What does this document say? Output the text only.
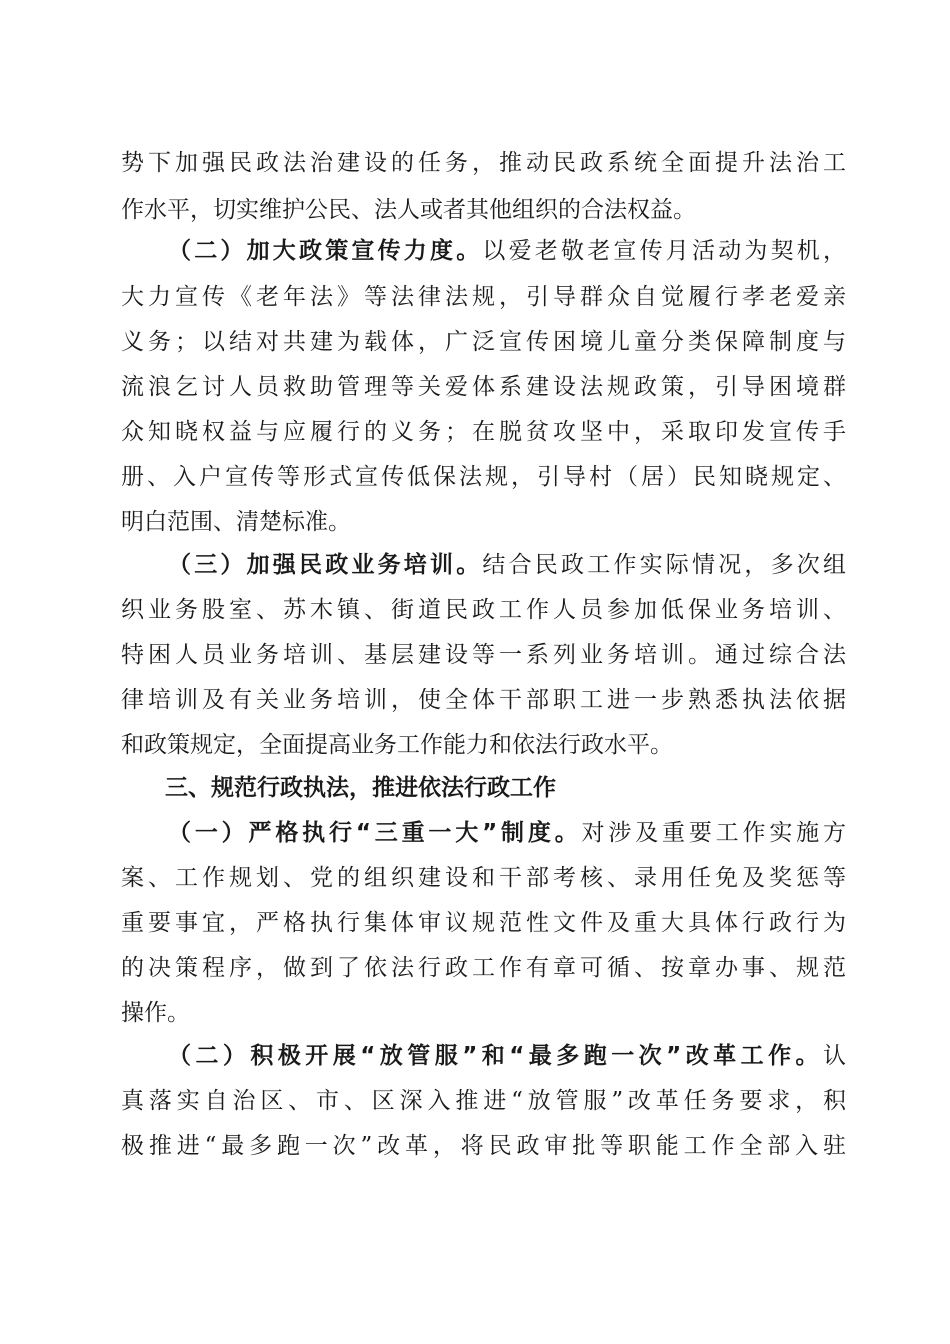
势下加强民政法治建设的任务，推动民政系统全面提升法治工
作水平，切实维护公民、法人或者其他组织的合法权益。
（二）加大政策宣传力度。以爱老敬老宣传月活动为契机，
大力宣传《老年法》等法律法规，引导群众自觉履行孝老爱亲
义务；以结对共建为载体，广泛宣传困境儿童分类保障制度与
流浪乞讨人员救助管理等关爱体系建设法规政策，引导困境群
众知晓权益与应履行的义务；在脱贫攻坚中，采取印发宣传手
册、入户宣传等形式宣传低保法规，引导村（居）民知晓规定、
明白范围、清楚标准。
（三）加强民政业务培训。结合民政工作实际情况，多次组
织业务股室、苏木镇、街道民政工作人员参加低保业务培训、
特困人员业务培训、基层建设等一系列业务培训。通过综合法
律培训及有关业务培训，使全体干部职工进一步熟悉执法依据
和政策规定，全面提高业务工作能力和依法行政水平。
三、规范行政执法，推进依法行政工作
（一）严格执行“三重一大”制度。对涉及重要工作实施方
案、工作规划、党的组织建设和干部考核、录用任免及奖惩等
重要事宜，严格执行集体审议规范性文件及重大具体行政行为
的决策程序，做到了依法行政工作有章可循、按章办事、规范
操作。
（二）积极开展“放管服”和“最多跑一次”改革工作。认
真落实自治区、市、区深入推进“放管服”改革任务要求，积
极推进“最多跑一次”改革，将民政审批等职能工作全部入驻
